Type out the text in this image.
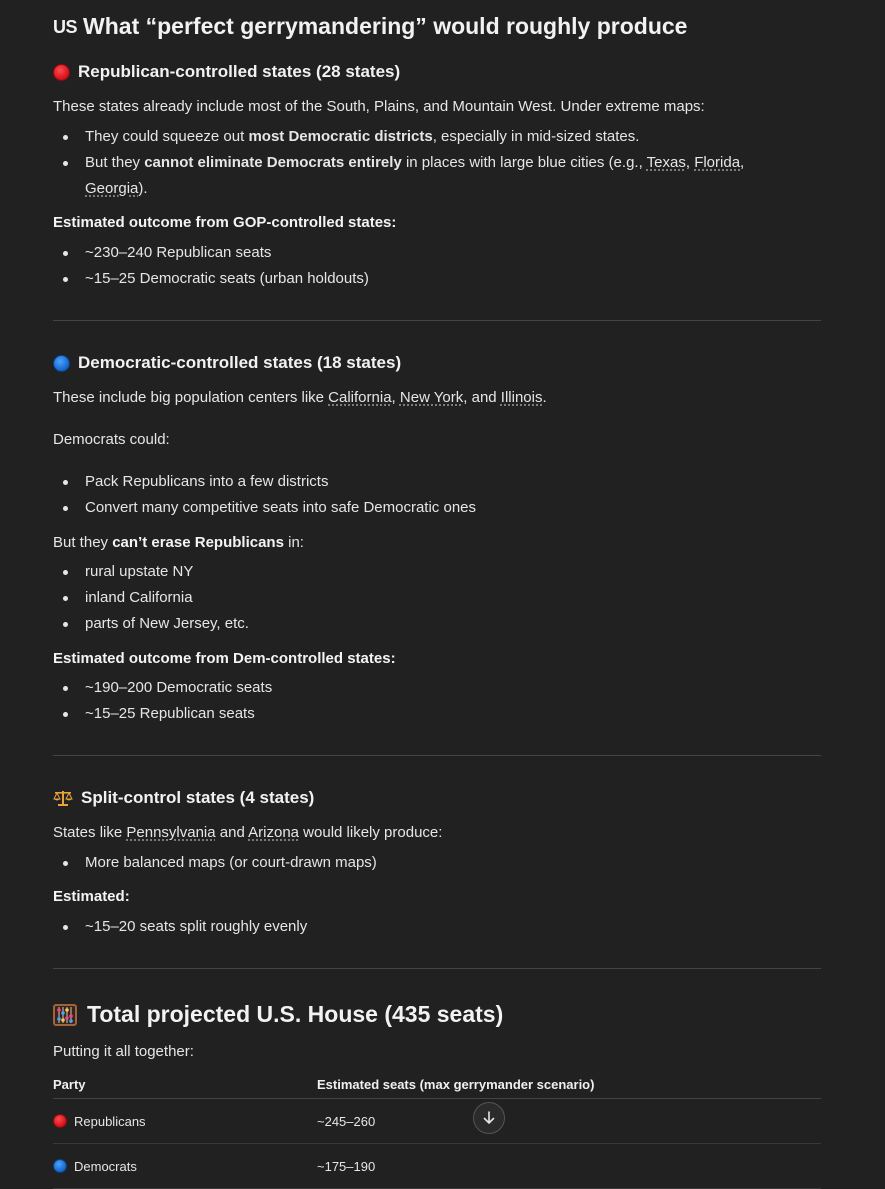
US What “perfect gerrymandering” would roughly produce
Republican-controlled states (28 states)
These states already include most of the South, Plains, and Mountain West. Under extreme maps:
They could squeeze out most Democratic districts, especially in mid-sized states.
But they cannot eliminate Democrats entirely in places with large blue cities (e.g., Texas, Florida,
Georgia).
Estimated outcome from GOP-controlled states:
~230–240 Republican seats
~15–25 Democratic seats (urban holdouts)
Democratic-controlled states (18 states)
These include big population centers like California, New York, and Illinois.
Democrats could:
Pack Republicans into a few districts
Convert many competitive seats into safe Democratic ones
But they can’t erase Republicans in:
rural upstate NY
inland California
parts of New Jersey, etc.
Estimated outcome from Dem-controlled states:
~190–200 Democratic seats
~15–25 Republican seats
Split-control states (4 states)
States like Pennsylvania and Arizona would likely produce:
More balanced maps (or court-drawn maps)
Estimated:
~15–20 seats split roughly evenly
Total projected U.S. House (435 seats)
Putting it all together:
Party	Estimated seats (max gerrymander scenario)
Republicans	~245–260
Democrats	~175–190
